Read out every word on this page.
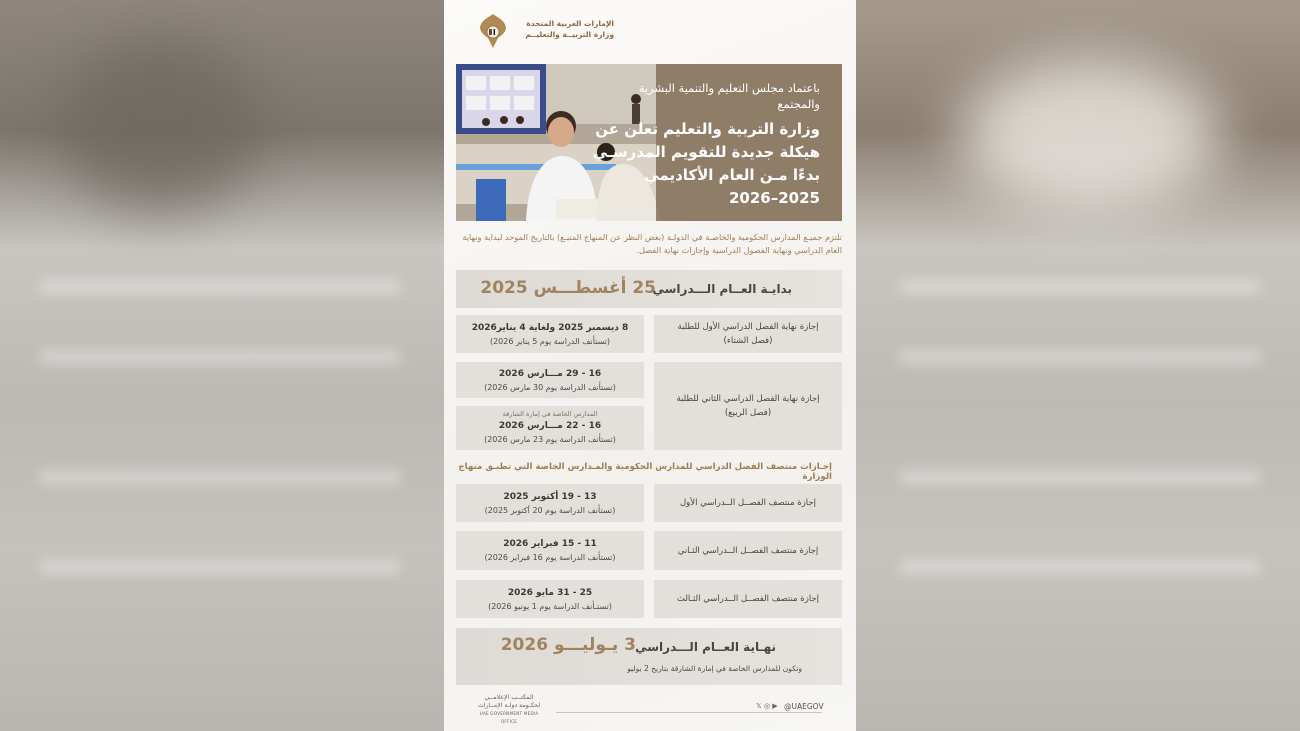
الإمارات العربية المتحدة
وزارة التربيــة والتعليــم
باعتماد مجلس التعليم والتنمية البشرية والمجتمع
وزارة التربية والتعليم تعلن عن هيكلة جديدة للتقويم المدرسـي بدءًا مـن العام الأكاديمي 2025–2026
تلتزم جميـع المدارس الحكومية والخاصـة في الدولـة (بغض النظر عن المنهاج المتبـع) بالتاريخ الموحد لبداية ونهاية العام الدراسي ونهاية الفصول الدراسية وإجازات نهاية الفصل.
بدايـة العــام الـــدراسي
25 أغسطـــس 2025
إجازة نهاية الفصل الدراسي الأول للطلبة
(فصل الشتاء)
8 ديسمبر 2025 ولغاية 4 يناير2026
(تستأنف الدراسة يوم 5 يناير 2026)
إجازة نهاية الفصل الدراسي الثاني للطلبة
(فصل الربيع)
16 - 29 مـــارس 2026
(تستأنف الدراسة يوم 30 مارس 2026)
المدارس الخاصة في إمارة الشارقة
16 - 22 مـــارس 2026
(تستأنف الدراسة يوم 23 مارس 2026)
إجـازات منتصف الفصل الدراسي للمدارس الحكومية والمـدارس الخاصة التي تطبـق منهاج الوزارة
إجازة منتصف الفصــل الــدراسي الأول
13 - 19 أكتوبر 2025
(تستأنف الدراسة يوم 20 أكتوبر 2025)
إجازة منتصف الفصــل الــدراسي الثـاني
11 - 15 فبراير 2026
(تستأنف الدراسة يوم 16 فبراير 2026)
إجازة منتصف الفصــل الــدراسي الثـالث
25 - 31 مايو 2026
(تستـأنف الدراسة يوم 1 يونيو 2026)
نهـاية العــام الـــدراسي
3 يـوليـــو 2026
وتكون للمدارس الخاصة في إمارة الشارقة بتاريخ 2 يوليو
@UAEGOV
𝕏 ◎ ▶
المكتــب الإعلامــي
لحكـومة دولـة الإمــارات
UAE GOVERNMENT MEDIA OFFICE
